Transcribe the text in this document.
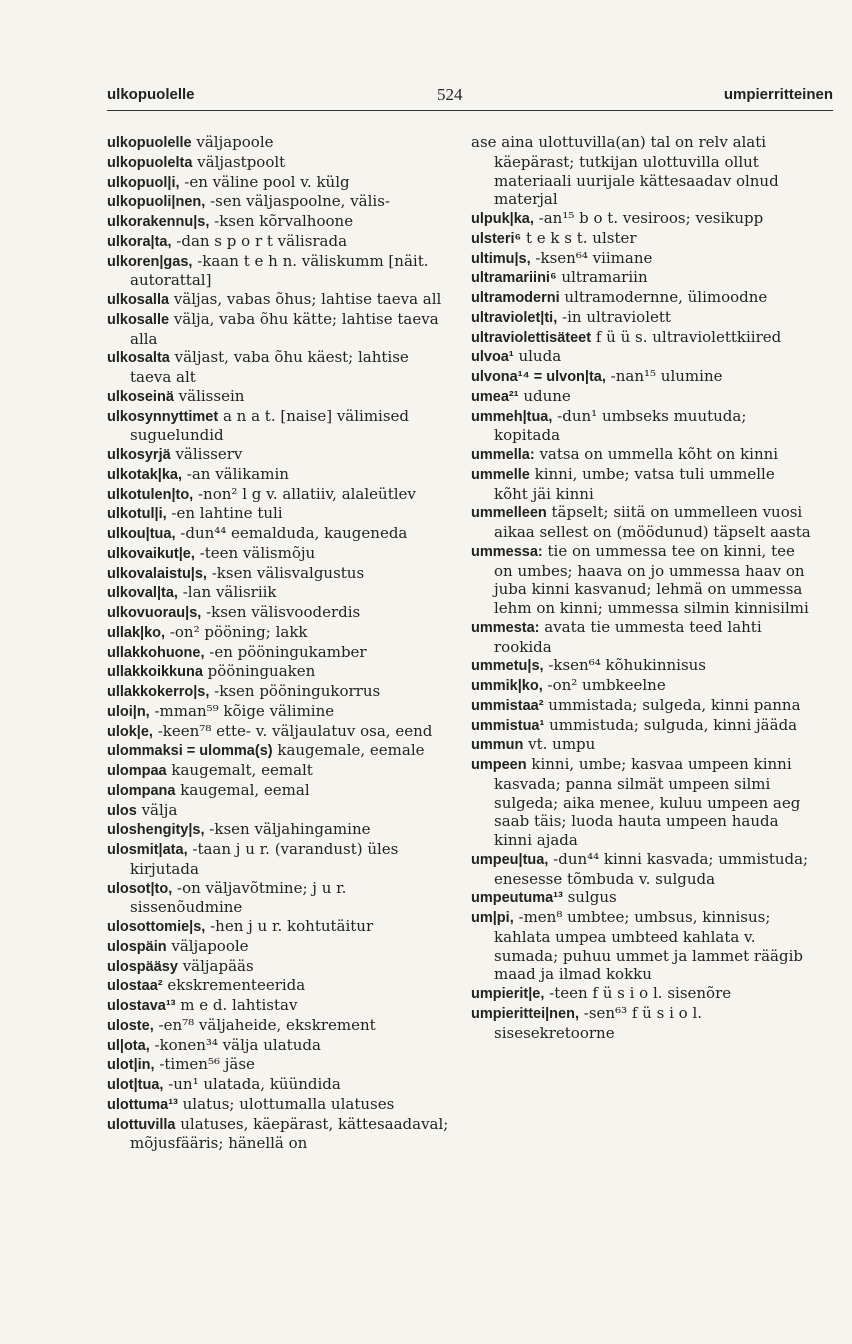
ulkopuolelle	524	umpierritteinen
ulkopuolelle väljapoole
ulkopuolelta väljastpoolt
ulkopuol|i, -en väline pool v. külg
ulkopuoli|nen, -sen väljaspoolne, välis-
ulkorakennu|s, -ksen kõrvalhoone
ulkora|ta, -dan s p o r t välisrada
ulkoren|gas, -kaan t e h n. väliskumm [näit. autorattal]
ulkosalla väljas, vabas õhus; lahtise taeva all
ulkosalle välja, vaba õhu kätte; lahtise taeva alla
ulkosalta väljast, vaba õhu käest; lahtise taeva alt
ulkoseinä välissein
ulkosynnyttimet a n a t. [naise] välimised suguelundid
ulkosyrjä välisserv
ulkotak|ka, -an välikamin
ulkotulen|to, -non² l g v. allatiiv, alaleütlev
ulkotul|i, -en lahtine tuli
ulkou|tua, -dun⁴⁴ eemalduda, kaugeneda
ulkovaikut|e, -teen välismõju
ulkovalaistu|s, -ksen välisvalgustus
ulkoval|ta, -lan välisriik
ulkovuorau|s, -ksen välisvooderdis
ullak|ko, -on² pööning; lakk
ullakkohuone, -en pööningukamber
ullakkoikkuna pööninguaken
ullakkokerro|s, -ksen pööningukorrus
uloi|n, -mman⁵⁹ kõige välimine
ulok|e, -keen⁷⁸ ette- v. väljaulatuv osa, eend
ulommaksi = ulomma(s) kaugemale, eemale
ulompaa kaugemalt, eemalt
ulompana kaugemal, eemal
ulos välja
uloshengity|s, -ksen väljahingamine
ulosmit|ata, -taan j u r. (varandust) üles kirjutada
ulosot|to, -on väljavõtmine; j u r. sissenõudmine
ulosottomie|s, -hen j u r. kohtutäitur
ulospäin väljapoole
ulospääsy väljapääs
ulostaa² ekskrementeerida
ulostava¹³ m e d. lahtistav
uloste, -en⁷⁸ väljaheide, ekskrement
ul|ota, -konen³⁴ välja ulatuda
ulot|in, -timen⁵⁶ jäse
ulot|tua, -un¹ ulatada, küündida
ulottuma¹³ ulatus; ulottumalla ulatuses
ulottuvilla ulatuses, käepärast, kättesaadaval; mõjusfääris; hänellä on
ase aina ulottuvilla(an) tal on relv alati käepärast; tutkijan ulottuvilla ollut materiaali uurijale kättesaadav olnud materjal
ulpuk|ka, -an¹⁵ b o t. vesiroos; vesikupp
ulsteri⁶ t e k s t. ulster
ultimu|s, -ksen⁶⁴ viimane
ultramariini⁶ ultramariin
ultramoderni ultramodernne, ülimoodne
ultraviolet|ti, -in ultraviolett
ultraviolettisäteet f ü ü s. ultraviolettkiired
ulvoa¹ uluda
ulvona¹⁴ = ulvon|ta, -nan¹⁵ ulumine
umea²¹ udune
ummeh|tua, -dun¹ umbseks muutuda; kopitada
ummella: vatsa on ummella kõht on kinni
ummelle kinni, umbe; vatsa tuli ummelle kõht jäi kinni
ummelleen täpselt; siitä on ummelleen vuosi aikaa sellest on (möödunud) täpselt aasta
ummessa: tie on ummessa tee on kinni, tee on umbes; haava on jo ummessa haav on juba kinni kasvanud; lehmä on ummessa lehm on kinni; ummessa silmin kinnisilmi
ummesta: avata tie ummesta teed lahti rookida
ummetu|s, -ksen⁶⁴ kõhukinnisus
ummik|ko, -on² umbkeelne
ummistaa² ummistada; sulgeda, kinni panna
ummistua¹ ummistuda; sulguda, kinni jääda
ummun vt. umpu
umpeen kinni, umbe; kasvaa umpeen kinni kasvada; panna silmät umpeen silmi sulgeda; aika menee, kuluu umpeen aeg saab täis; luoda hauta umpeen hauda kinni ajada
umpeu|tua, -dun⁴⁴ kinni kasvada; ummistuda; enesesse tõmbuda v. sulguda
umpeutuma¹³ sulgus
um|pi, -men⁸ umbtee; umbsus, kinnisus; kahlata umpea umbteed kahlata v. sumada; puhuu ummet ja lammet räägib maad ja ilmad kokku
umpierit|e, -teen f ü s i o l. sisenõre
umpierittei|nen, -sen⁶³ f ü s i o l. sisesekretoorne
